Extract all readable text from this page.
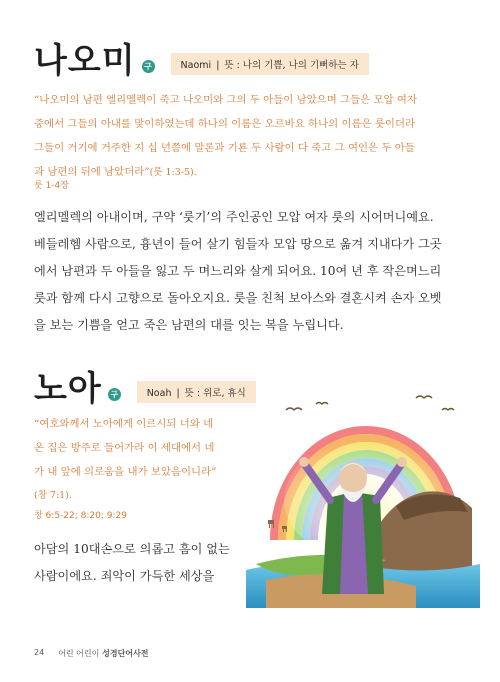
나오미	구	Naomi | 뜻 : 나의 기쁨, 나의 기뻐하는 자
“나오미의 남편 엘리멜렉이 죽고 나오미와 그의 두 아들이 남았으며 그들은 모압 여자
중에서 그들의 아내를 맞이하였는데 하나의 이름은 오르바요 하나의 이름은 룻이더라
그들이 거기에 거주한 지 십 년쯤에 말론과 기룐 두 사람이 다 죽고 그 여인은 두 아들
과 남편의 뒤에 남았더라”(룻 1:3-5).
룻 1-4장
엘리멜렉의 아내이며, 구약 ‘룻기’의 주인공인 모압 여자 룻의 시어머니예요.
베들레헴 사람으로, 흉년이 들어 살기 힘들자 모압 땅으로 옮겨 지내다가 그곳
에서 남편과 두 아들을 잃고 두 며느리와 살게 되어요. 10여 년 후 작은며느리
룻과 함께 다시 고향으로 돌아오지요. 룻을 친척 보아스와 결혼시켜 손자 오벳
을 보는 기쁨을 얻고 죽은 남편의 대를 잇는 복을 누립니다.
노아	구	Noah | 뜻 : 위로, 휴식
“여호와께서 노아에게 이르시되 너와 네
온 집은 방주로 들어가라 이 세대에서 네
가 내 앞에 의로움을 내가 보았음이니라”
(창 7:1).
창 6:5-22; 8:20; 9:29
아담의 10대손으로 의롭고 흠이 없는
사람이에요. 죄악이 가득한 세상을
24 어린 어린이 성경단어사전
